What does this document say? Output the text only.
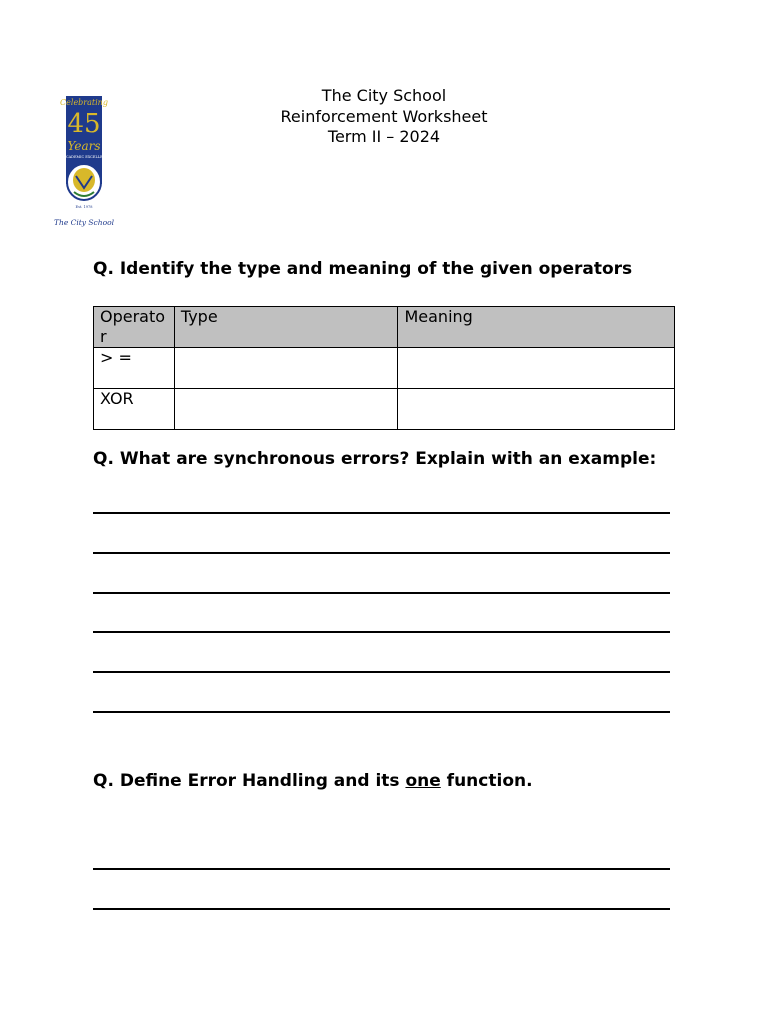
Celebrating
45
Years
OF ACADEMIC EXCELLENCE
Est. 1978
The City School
The City School
Reinforcement Worksheet
Term II – 2024
Q. Identify the type and meaning of the given operators
Operator	Type	Meaning
> =		
XOR		
Q. What are synchronous errors? Explain with an example:
Q. Define Error Handling and its one function.
